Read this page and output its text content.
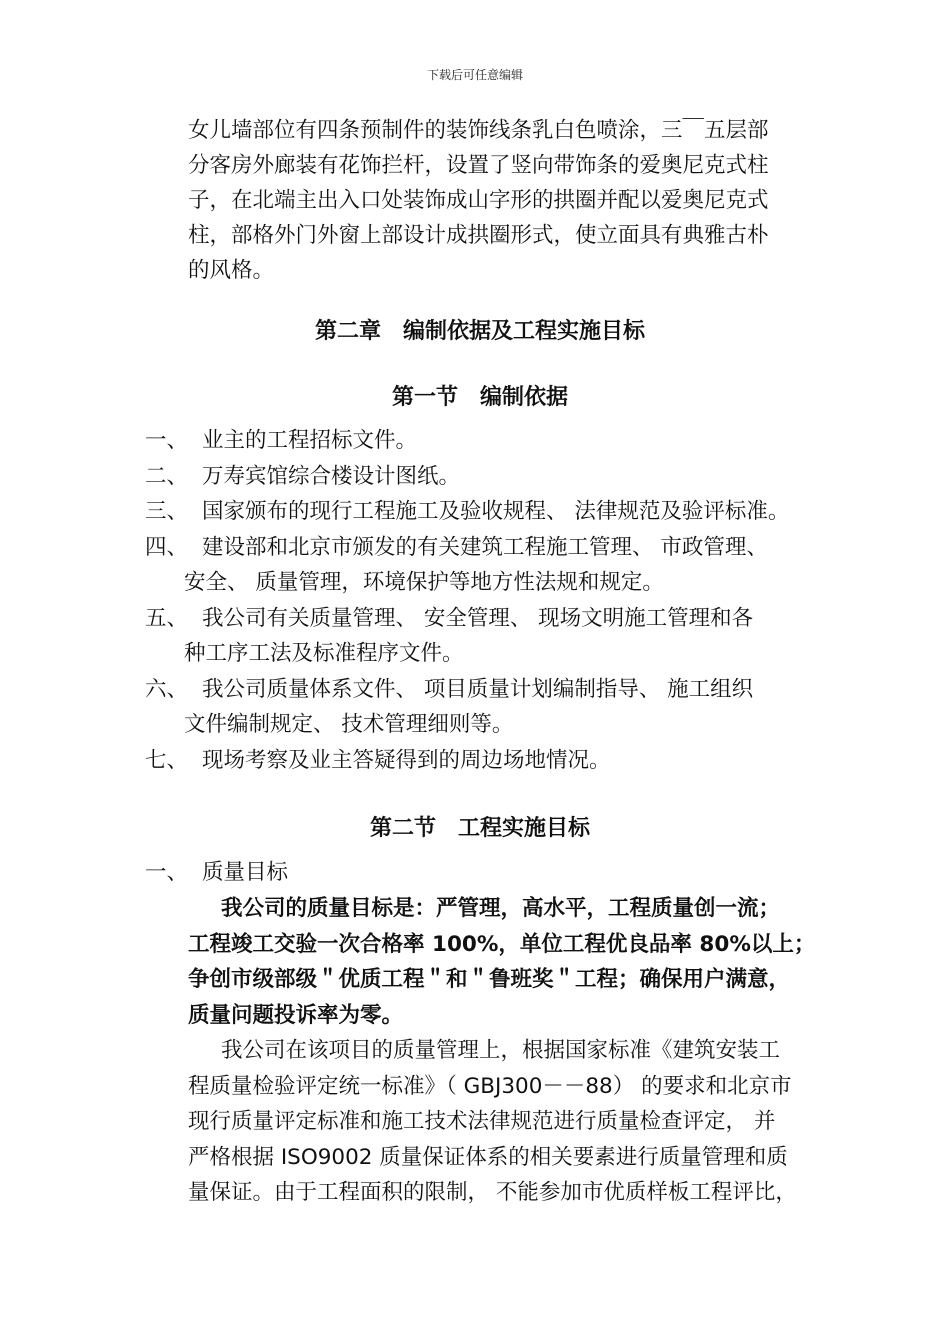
下载后可任意编辑
女儿墙部位有四条预制件的装饰线条乳白色喷涂，三￣五层部
分客房外廊装有花饰拦杆，设置了竖向带饰条的爱奥尼克式柱
子，在北端主出入口处装饰成山字形的拱圈并配以爱奥尼克式
柱，部格外门外窗上部设计成拱圈形式，使立面具有典雅古朴
的风格。
第二章　编制依据及工程实施目标
第一节　编制依据
一、 业主的工程招标文件。
二、 万寿宾馆综合楼设计图纸。
三、 国家颁布的现行工程施工及验收规程、 法律规范及验评标准。
四、 建设部和北京市颁发的有关建筑工程施工管理、 市政管理、
安全、 质量管理，环境保护等地方性法规和规定。
五、 我公司有关质量管理、 安全管理、 现场文明施工管理和各
种工序工法及标准程序文件。
六、 我公司质量体系文件、 项目质量计划编制指导、 施工组织
文件编制规定、 技术管理细则等。
七、 现场考察及业主答疑得到的周边场地情况。
第二节　工程实施目标
一、 质量目标
我公司的质量目标是：严管理，高水平，工程质量创一流；
工程竣工交验一次合格率 100%，单位工程优良品率 80%以上；
争创市级部级＂优质工程＂和＂鲁班奖＂工程；确保用户满意，
质量问题投诉率为零。
我公司在该项目的质量管理上，根据国家标准《建筑安装工
程质量检验评定统一标准》（ GBJ300－－88） 的要求和北京市
现行质量评定标准和施工技术法律规范进行质量检查评定， 并
严格根据 ISO9002 质量保证体系的相关要素进行质量管理和质
量保证。由于工程面积的限制， 不能参加市优质样板工程评比，
